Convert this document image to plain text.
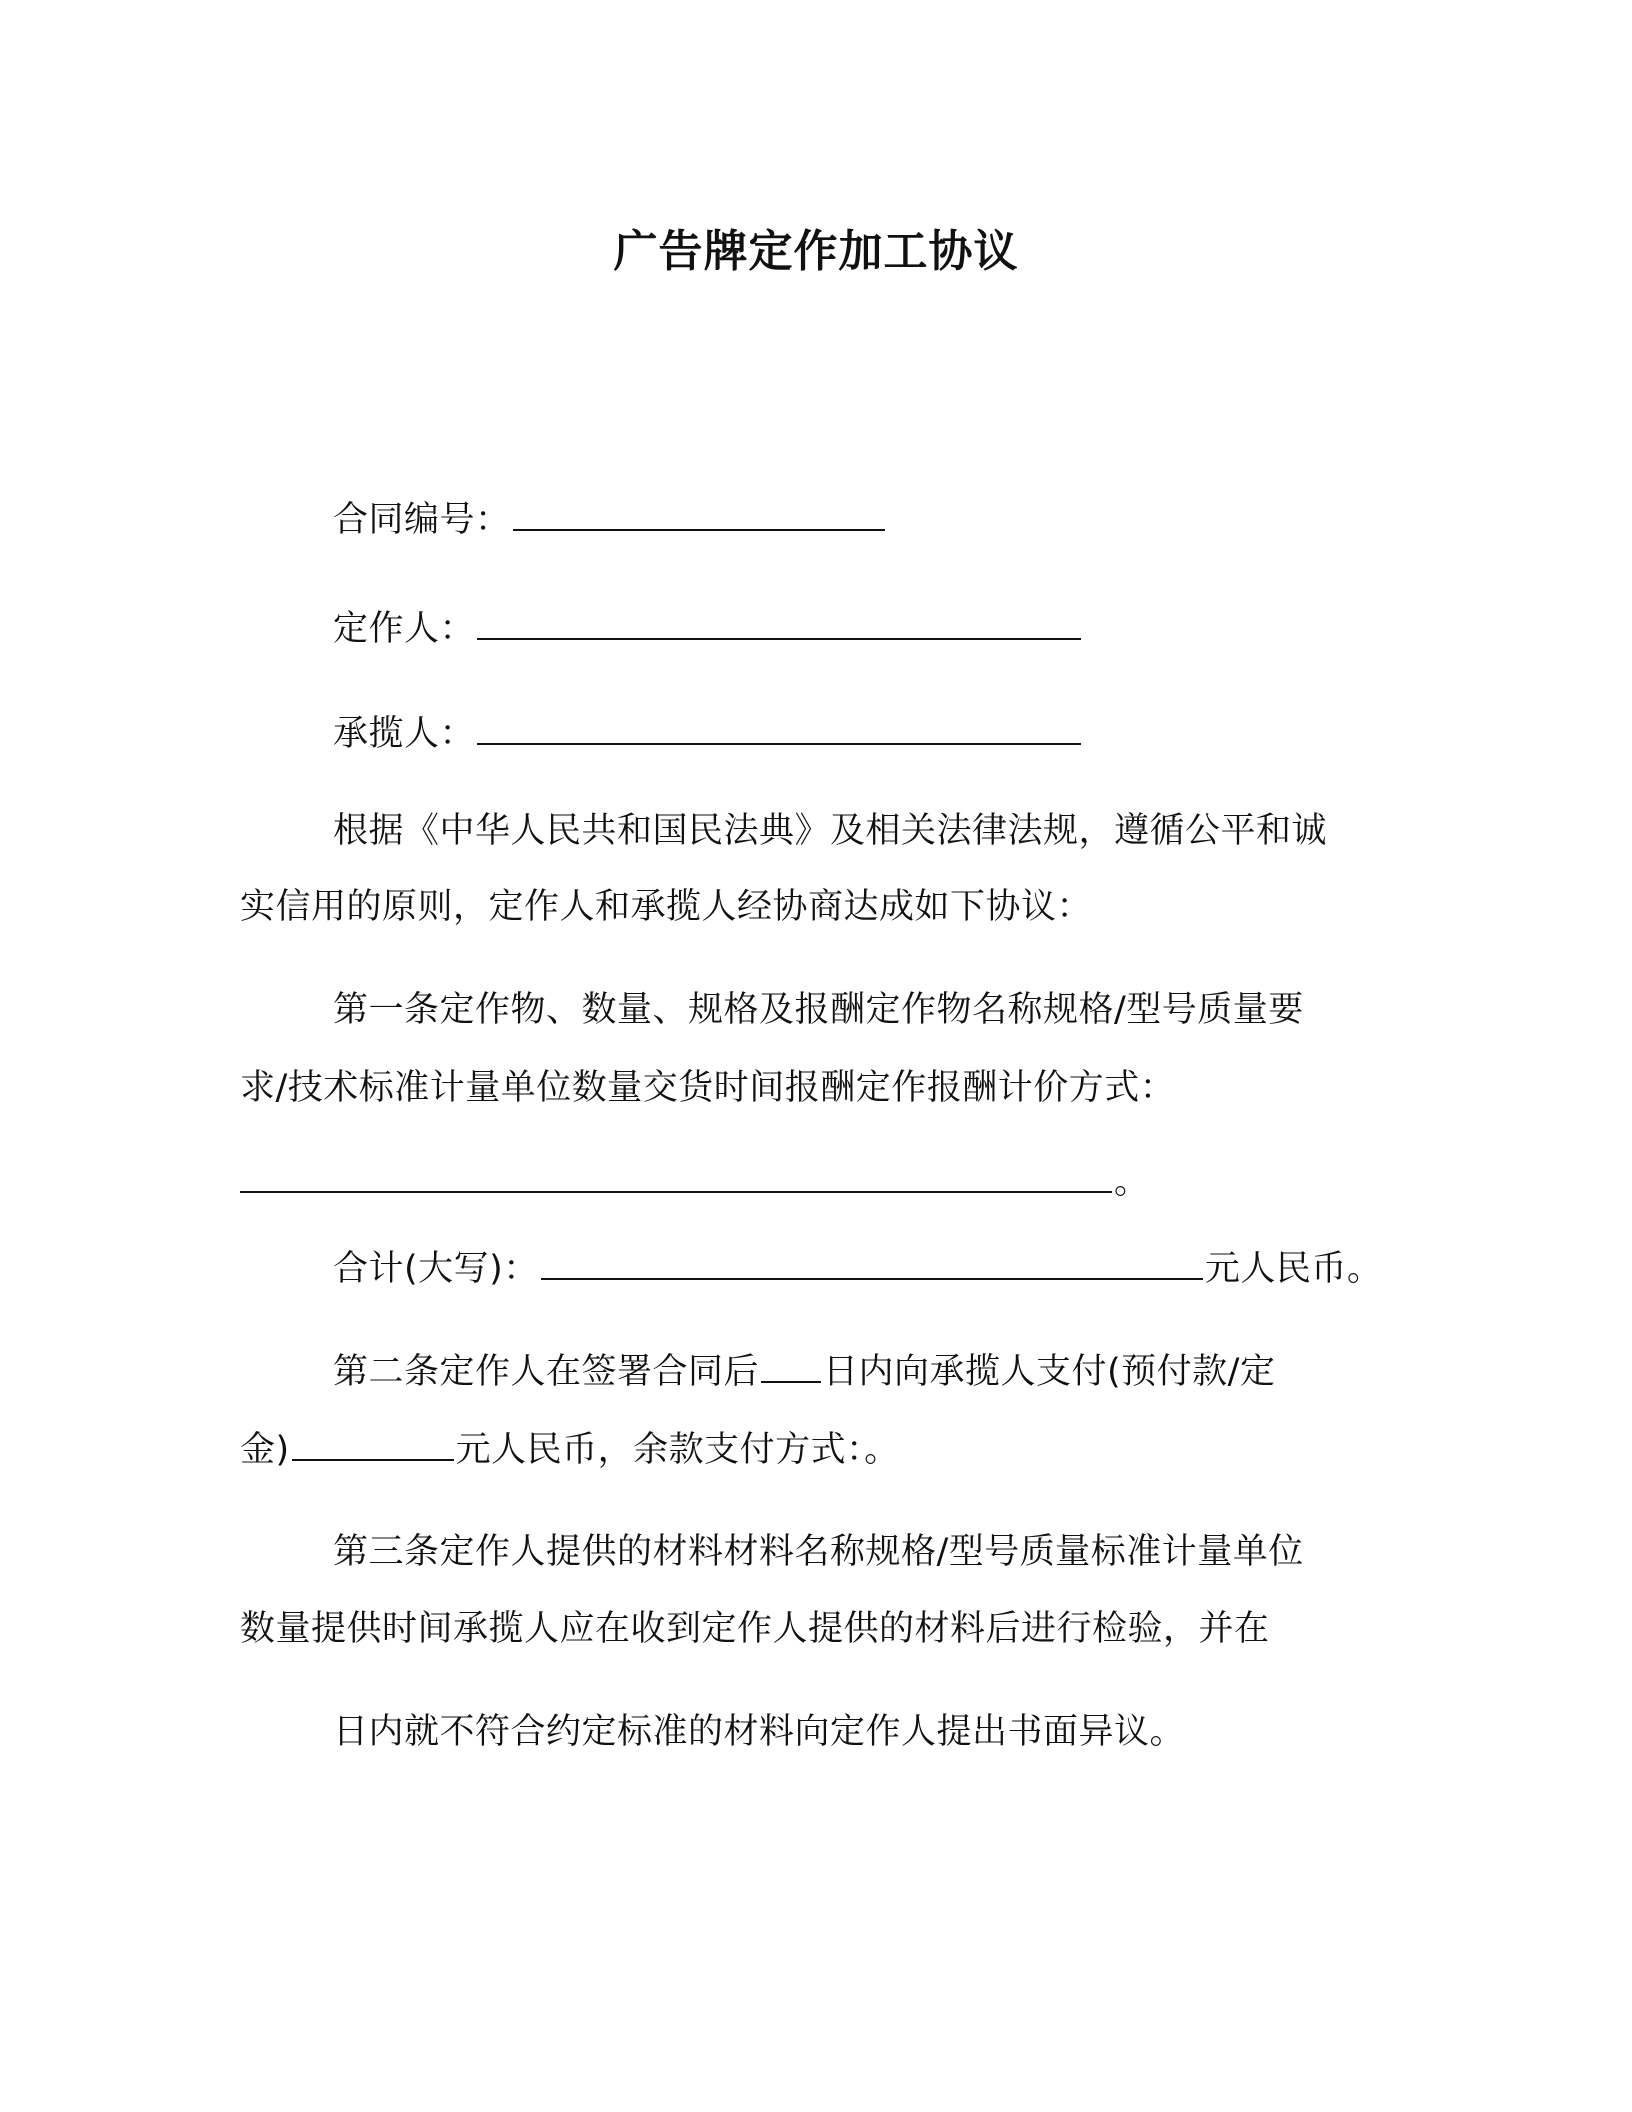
广告牌定作加工协议
合同编号：
定作人：
承揽人：
根据《中华人民共和国民法典》及相关法律法规，遵循公平和诚
实信用的原则，定作人和承揽人经协商达成如下协议：
第一条定作物、数量、规格及报酬定作物名称规格/型号质量要
求/技术标准计量单位数量交货时间报酬定作报酬计价方式：
。
合计(大写)：	元人民币。
第二条定作人在签署合同后 日内向承揽人支付(预付款/定
金)	元人民币，余款支付方式：。
第三条定作人提供的材料材料名称规格/型号质量标准计量单位
数量提供时间承揽人应在收到定作人提供的材料后进行检验，并在
日内就不符合约定标准的材料向定作人提出书面异议。
